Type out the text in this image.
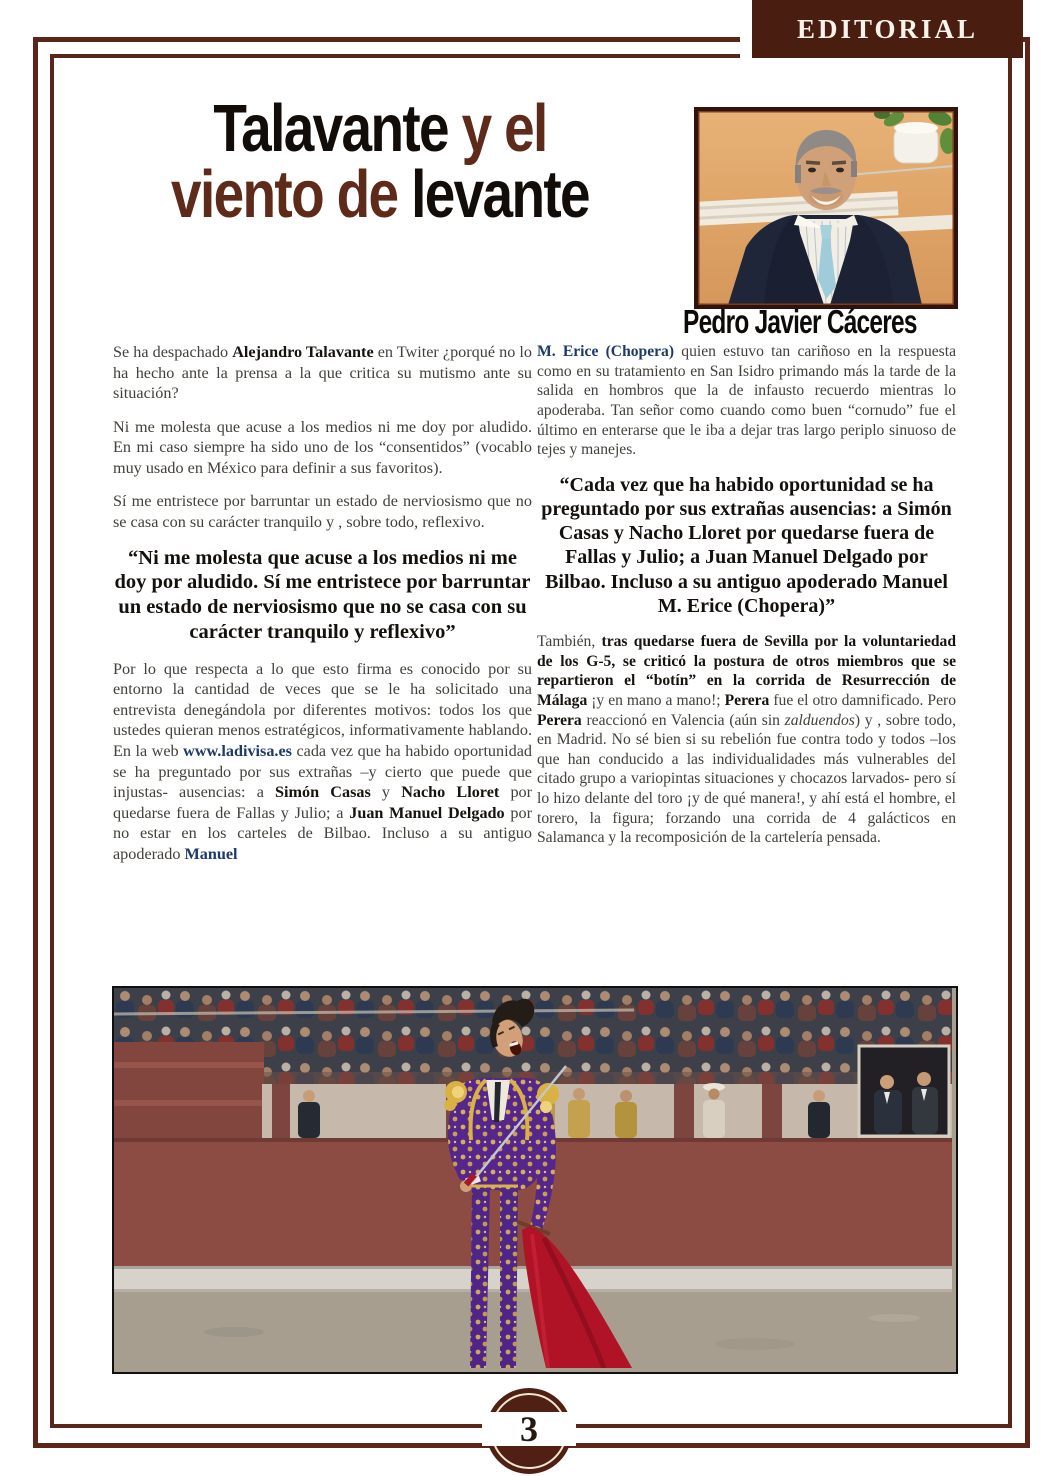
EDITORIAL
Talavante y el
viento de levante
Pedro Javier Cáceres

Se ha despachado Alejandro Talavante en Twiter ¿porqué no lo ha hecho ante la prensa a la que critica su mutismo ante su situación?

Ni me molesta que acuse a los medios ni me doy por aludido. En mi caso siempre ha sido uno de los “consentidos” (vocablo muy usado en México para definir a sus favoritos).

Sí me entristece por barruntar un estado de nerviosismo que no se casa con su carácter tranquilo y , sobre todo, reflexivo.

“Ni me molesta que acuse a los medios ni me doy por aludido. Sí me entristece por barruntar un estado de nerviosismo que no se casa con su carácter tranquilo y reflexivo”

Por lo que respecta a lo que esto firma es conocido por su entorno la cantidad de veces que se le ha solicitado una entrevista denegándola por diferentes motivos: todos los que ustedes quieran menos estratégicos, informativamente hablando. En la web www.ladivisa.es cada vez que ha habido oportunidad se ha preguntado por sus extrañas –y cierto que puede que injustas- ausencias: a Simón Casas y Nacho Lloret por quedarse fuera de Fallas y Julio; a Juan Manuel Delgado por no estar en los carteles de Bilbao. Incluso a su antiguo apoderado Manuel

M. Erice (Chopera) quien estuvo tan cariñoso en la respuesta como en su tratamiento en San Isidro primando más la tarde de la salida en hombros que la de infausto recuerdo mientras lo apoderaba. Tan señor como cuando como buen “cornudo” fue el último en enterarse que le iba a dejar tras largo periplo sinuoso de tejes y manejes.

“Cada vez que ha habido oportunidad se ha preguntado por sus extrañas ausencias: a Simón Casas y Nacho Lloret por quedarse fuera de Fallas y Julio; a Juan Manuel Delgado por Bilbao. Incluso a su antiguo apoderado Manuel M. Erice (Chopera)”

También, tras quedarse fuera de Sevilla por la voluntariedad de los G-5, se criticó la postura de otros miembros que se repartieron el “botín” en la corrida de Resurrección de Málaga ¡y en mano a mano!; Perera fue el otro damnificado. Pero Perera reaccionó en Valencia (aún sin zalduendos) y , sobre todo, en Madrid. No sé bien si su rebelión fue contra todo y todos –los que han conducido a las individualidades más vulnerables del citado grupo a variopintas situaciones y chocazos larvados- pero sí lo hizo delante del toro ¡y de qué manera!, y ahí está el hombre, el torero, la figura; forzando una corrida de 4 galácticos en Salamanca y la recomposición de la cartelería pensada.

3
